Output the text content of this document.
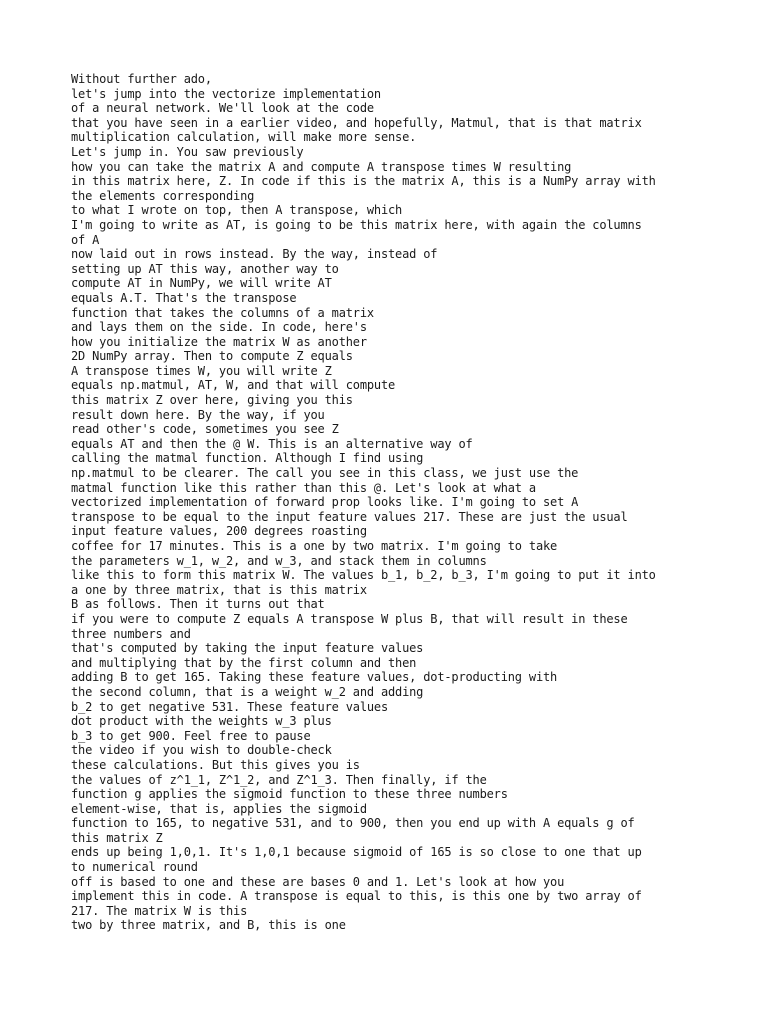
Without further ado,
let's jump into the vectorize implementation
of a neural network. We'll look at the code
that you have seen in a earlier video, and hopefully, Matmul, that is that matrix
multiplication calculation, will make more sense.
Let's jump in. You saw previously
how you can take the matrix A and compute A transpose times W resulting
in this matrix here, Z. In code if this is the matrix A, this is a NumPy array with
the elements corresponding
to what I wrote on top, then A transpose, which
I'm going to write as AT, is going to be this matrix here, with again the columns
of A
now laid out in rows instead. By the way, instead of
setting up AT this way, another way to
compute AT in NumPy, we will write AT
equals A.T. That's the transpose
function that takes the columns of a matrix
and lays them on the side. In code, here's
how you initialize the matrix W as another
2D NumPy array. Then to compute Z equals
A transpose times W, you will write Z
equals np.matmul, AT, W, and that will compute
this matrix Z over here, giving you this
result down here. By the way, if you
read other's code, sometimes you see Z
equals AT and then the @ W. This is an alternative way of
calling the matmal function. Although I find using
np.matmul to be clearer. The call you see in this class, we just use the
matmal function like this rather than this @. Let's look at what a
vectorized implementation of forward prop looks like. I'm going to set A
transpose to be equal to the input feature values 217. These are just the usual
input feature values, 200 degrees roasting
coffee for 17 minutes. This is a one by two matrix. I'm going to take
the parameters w_1, w_2, and w_3, and stack them in columns
like this to form this matrix W. The values b_1, b_2, b_3, I'm going to put it into
a one by three matrix, that is this matrix
B as follows. Then it turns out that
if you were to compute Z equals A transpose W plus B, that will result in these
three numbers and
that's computed by taking the input feature values
and multiplying that by the first column and then
adding B to get 165. Taking these feature values, dot-producting with
the second column, that is a weight w_2 and adding
b_2 to get negative 531. These feature values
dot product with the weights w_3 plus
b_3 to get 900. Feel free to pause
the video if you wish to double-check
these calculations. But this gives you is
the values of z^1_1, Z^1_2, and Z^1_3. Then finally, if the
function g applies the sigmoid function to these three numbers
element-wise, that is, applies the sigmoid
function to 165, to negative 531, and to 900, then you end up with A equals g of
this matrix Z
ends up being 1,0,1. It's 1,0,1 because sigmoid of 165 is so close to one that up
to numerical round
off is based to one and these are bases 0 and 1. Let's look at how you
implement this in code. A transpose is equal to this, is this one by two array of
217. The matrix W is this
two by three matrix, and B, this is one
